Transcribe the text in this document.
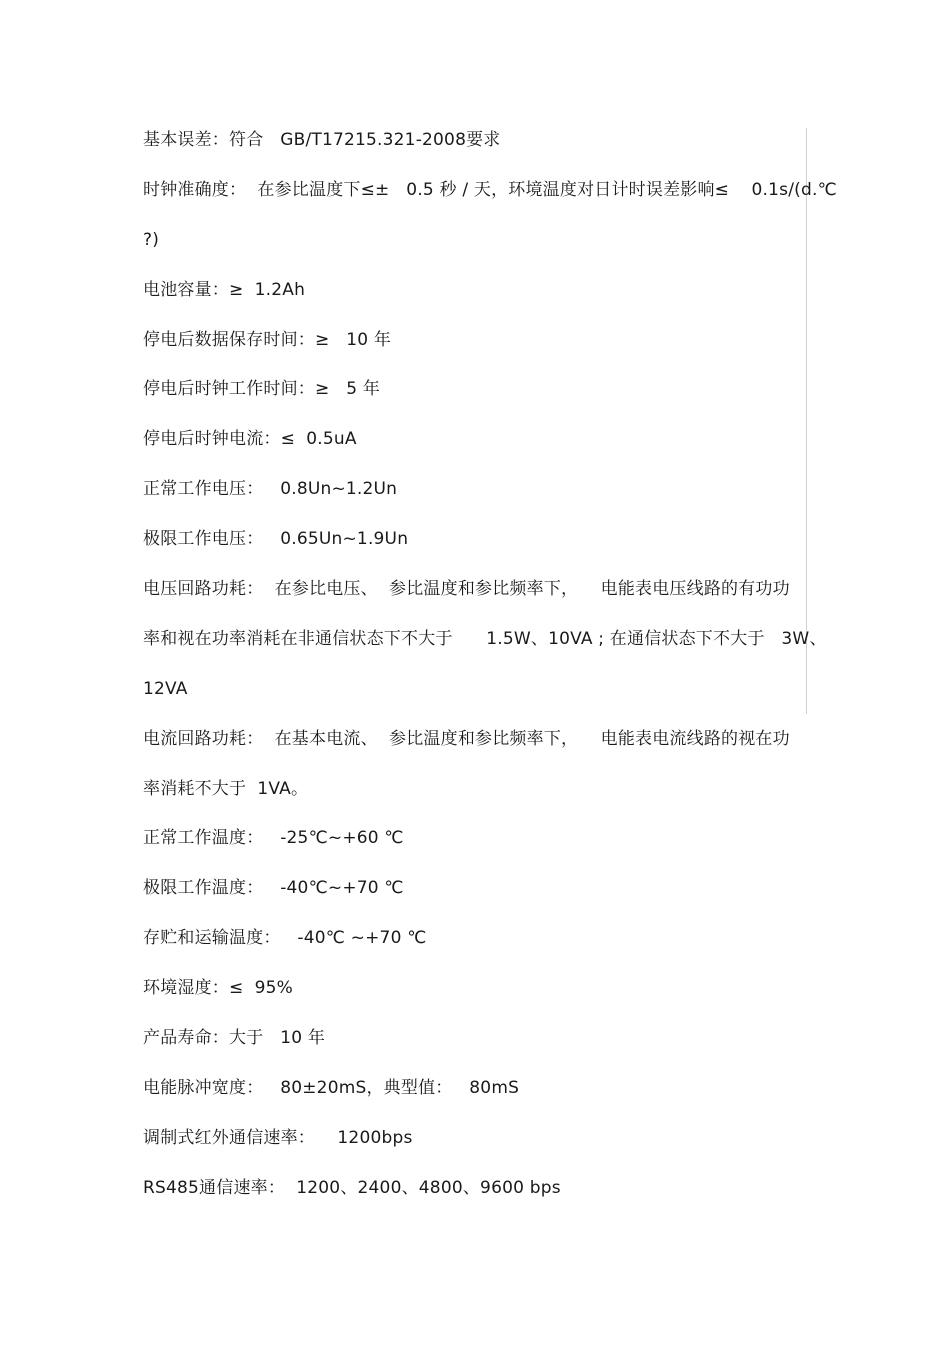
基本误差：符合   GB/T17215.321-2008要求
时钟准确度：  在参比温度下≤±   0.5 秒 / 天，环境温度对日计时误差影响≤    0.1s/(d.℃
?)
电池容量：≥  1.2Ah
停电后数据保存时间：≥   10 年
停电后时钟工作时间：≥   5 年
停电后时钟电流：≤  0.5uA
正常工作电压：   0.8Un~1.2Un
极限工作电压：   0.65Un~1.9Un
电压回路功耗：  在参比电压、  参比温度和参比频率下，    电能表电压线路的有功功
率和视在功率消耗在非通信状态下不大于      1.5W、10VA ; 在通信状态下不大于   3W、
12VA
电流回路功耗：  在基本电流、  参比温度和参比频率下，    电能表电流线路的视在功
率消耗不大于  1VA。
正常工作温度：   -25℃~+60 ℃
极限工作温度：   -40℃~+70 ℃
存贮和运输温度：   -40℃ ~+70 ℃
环境湿度：≤  95%
产品寿命：大于   10 年
电能脉冲宽度：   80±20mS，典型值：   80mS
调制式红外通信速率：    1200bps
RS485通信速率：  1200、2400、4800、9600 bps
